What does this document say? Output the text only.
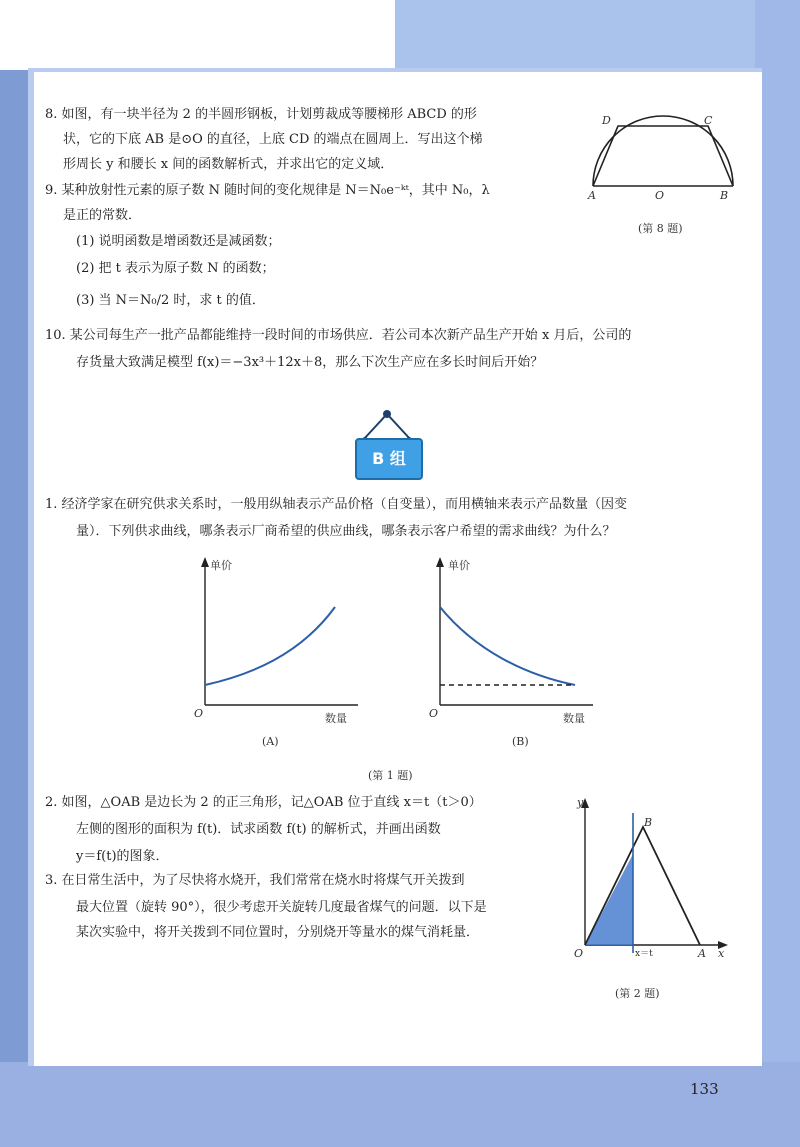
8. 如图，有一块半径为 2 的半圆形钢板，计划剪裁成等腰梯形 ABCD 的形
状，它的下底 AB 是⊙O 的直径，上底 CD 的端点在圆周上．写出这个梯
形周长 y 和腰长 x 间的函数解析式，并求出它的定义域．
D	C
A	O	B
(第 8 题)
9. 某种放射性元素的原子数 N 随时间的变化规律是 N＝N₀e⁻ᵏᵗ，其中 N₀，λ
是正的常数．
(1) 说明函数是增函数还是减函数；
(2) 把 t 表示为原子数 N 的函数；
(3) 当 N＝N₀/2 时，求 t 的值．
10. 某公司每生产一批产品都能维持一段时间的市场供应．若公司本次新产品生产开始 x 月后，公司的
存货量大致满足模型 f(x)＝−3x³＋12x＋8，那么下次生产应在多长时间后开始？
B 组
1. 经济学家在研究供求关系时，一般用纵轴表示产品价格（自变量），而用横轴来表示产品数量（因变
量）．下列供求曲线，哪条表示厂商希望的供应曲线，哪条表示客户希望的需求曲线？为什么？
单价
O	数量
(A)
单价
O	数量
(B)
(第 1 题)
2. 如图，△OAB 是边长为 2 的正三角形，记△OAB 位于直线 x＝t（t＞0）
左侧的图形的面积为 f(t)．试求函数 f(t) 的解析式，并画出函数
y＝f(t)的图象．
3. 在日常生活中，为了尽快将水烧开，我们常常在烧水时将煤气开关拨到
最大位置（旋转 90°），很少考虑开关旋转几度最省煤气的问题．以下是
某次实验中，将开关拨到不同位置时，分别烧开等量水的煤气消耗量．
y
B
O	x＝t	A x
(第 2 题)
133
